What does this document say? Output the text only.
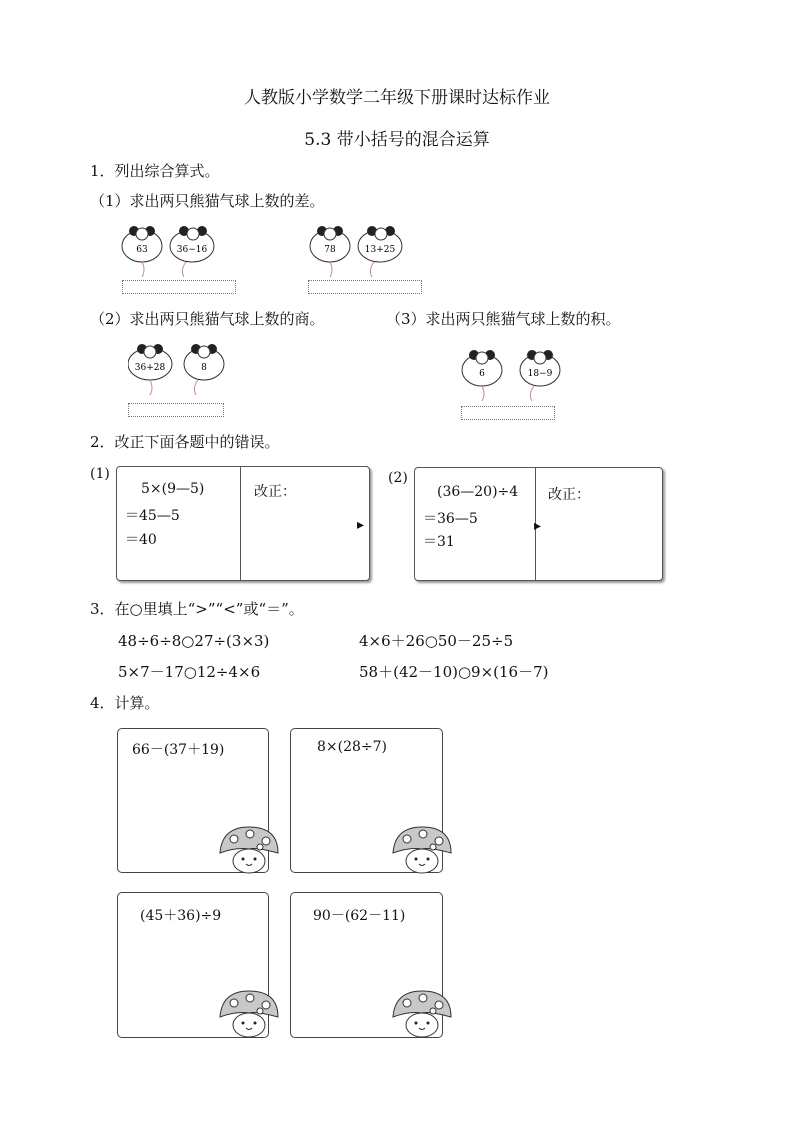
人教版小学数学二年级下册课时达标作业
5.3 带小括号的混合运算
1．列出综合算式。
（1）求出两只熊猫气球上数的差。
63	36−16	78	13+25
（2）求出两只熊猫气球上数的商。	（3）求出两只熊猫气球上数的积。
36+28	8
6	18−9
2．改正下面各题中的错误。
(1)
▸
5×(9—5)
＝45—5
＝40
改正：
(2)
▸
(36—20)÷4
＝36—5
＝31
改正：
3．在○里填上“>”“<”或“＝”。
48÷6÷8○27÷(3×3)	4×6＋26○50－25÷5
5×7－17○12÷4×6	58＋(42－10)○9×(16－7)
4．计算。
66－(37＋19)	8×(28÷7)
(45＋36)÷9	90－(62－11)
